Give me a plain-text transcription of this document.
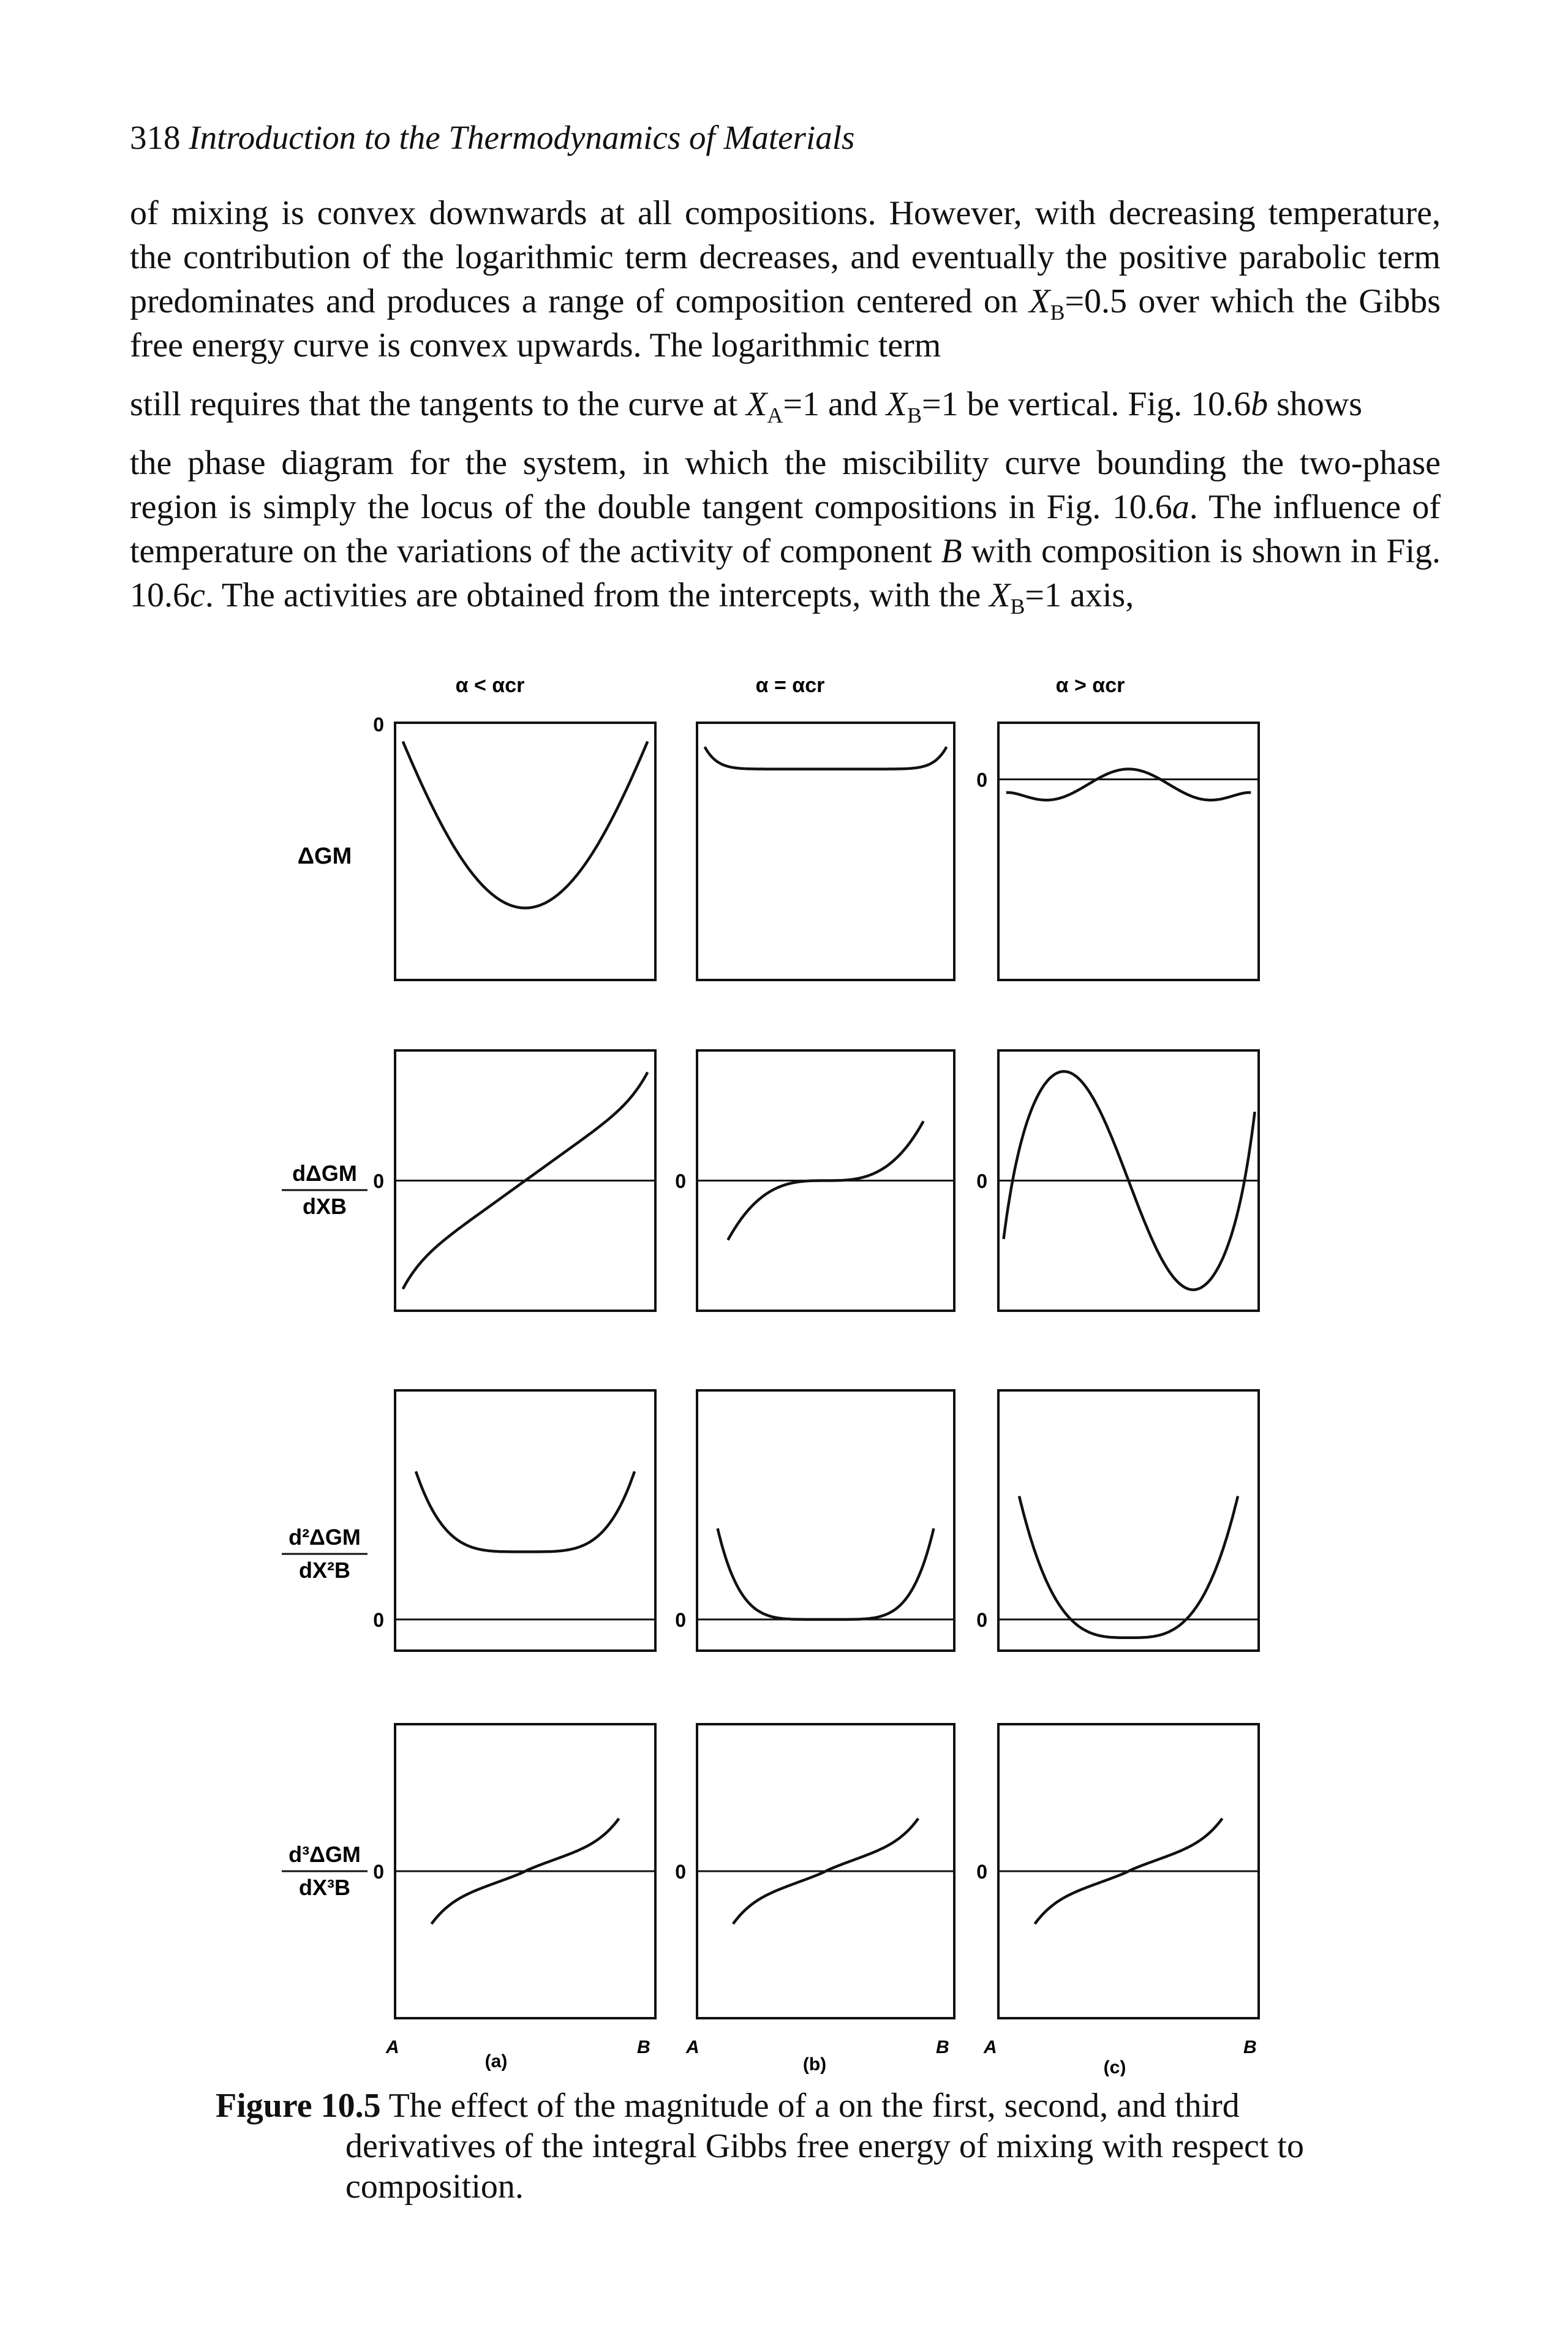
318 Introduction to the Thermodynamics of Materials

of mixing is convex downwards at all compositions. However, with decreasing temperature, the contribution of the logarithmic term decreases, and eventually the positive parabolic term predominates and produces a range of composition centered on $X_B=0.5$ over which the Gibbs free energy curve is convex upwards. The logarithmic term

still requires that the tangents to the curve at $X_A=1$ and $X_B=1$ be vertical. Fig. 10.6b shows

the phase diagram for the system, in which the miscibility curve bounding the two-phase region is simply the locus of the double tangent compositions in Fig. 10.6a. The influence of temperature on the variations of the activity of component B with composition is shown in Fig. 10.6c. The activities are obtained from the intercepts, with the $X_B=1$ axis,

α < αcr	α = αcr	α > αcr
ΔGM
dΔGM
dXB
d²ΔGM
dX²B
d³ΔGM
dX³B
0
0
0	0	0
0	0	0
0	0	0
A	B A	B A	B
(a)	(b)	(c)
Figure 10.5 The effect of the magnitude of a on the first, second, and third
derivatives of the integral Gibbs free energy of mixing with respect to composition.
